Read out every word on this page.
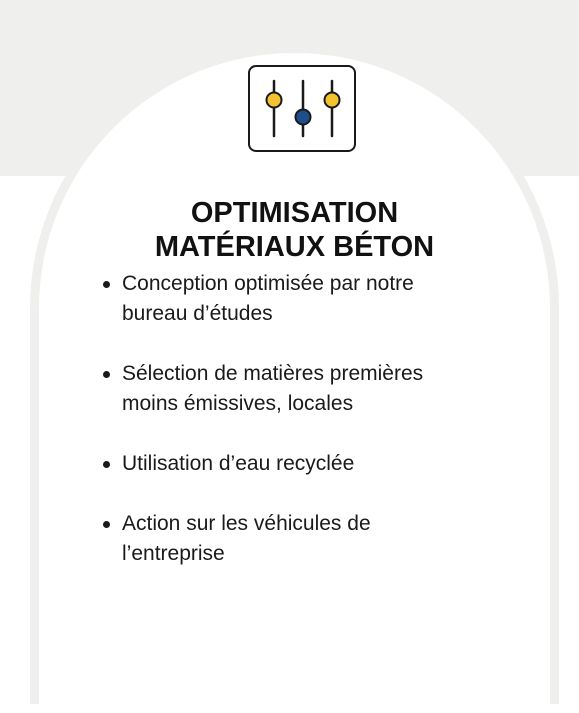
OPTIMISATION
MATÉRIAUX BÉTON
Conception optimisée par notre
bureau d’études
Sélection de matières premières
moins émissives, locales
Utilisation d’eau recyclée
Action sur les véhicules de
l’entreprise
